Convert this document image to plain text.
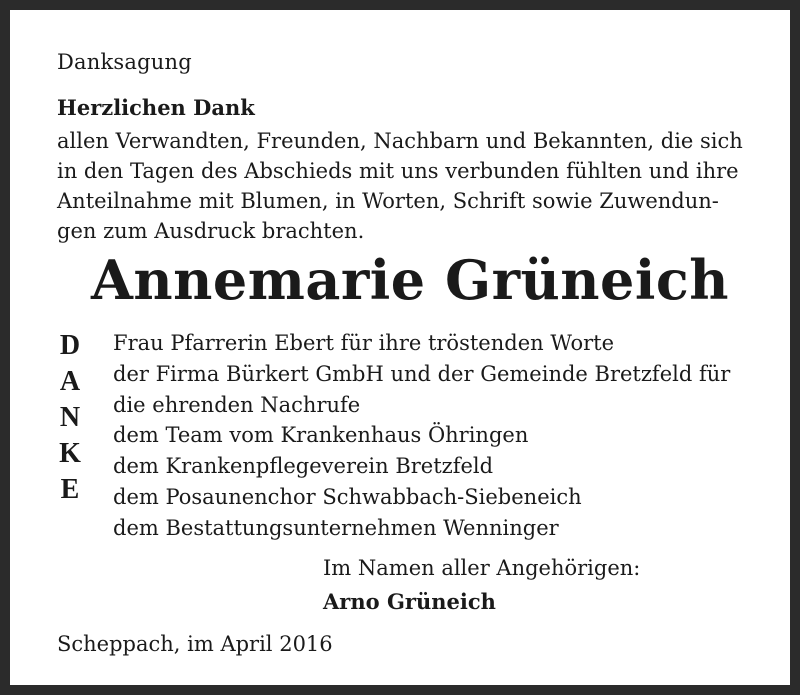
Danksagung
Herzlichen Dank
allen Verwandten, Freunden, Nachbarn und Bekannten, die sich
in den Tagen des Abschieds mit uns verbunden fühlten und ihre
Anteilnahme mit Blumen, in Worten, Schrift sowie Zuwendun-
gen zum Ausdruck brachten.
Annemarie Grüneich
D
A
N
K
E
Frau Pfarrerin Ebert für ihre tröstenden Worte
der Firma Bürkert GmbH und der Gemeinde Bretzfeld für
die ehrenden Nachrufe
dem Team vom Krankenhaus Öhringen
dem Krankenpflegeverein Bretzfeld
dem Posaunenchor Schwabbach-Siebeneich
dem Bestattungsunternehmen Wenninger
Im Namen aller Angehörigen:
Arno Grüneich
Scheppach, im April 2016
